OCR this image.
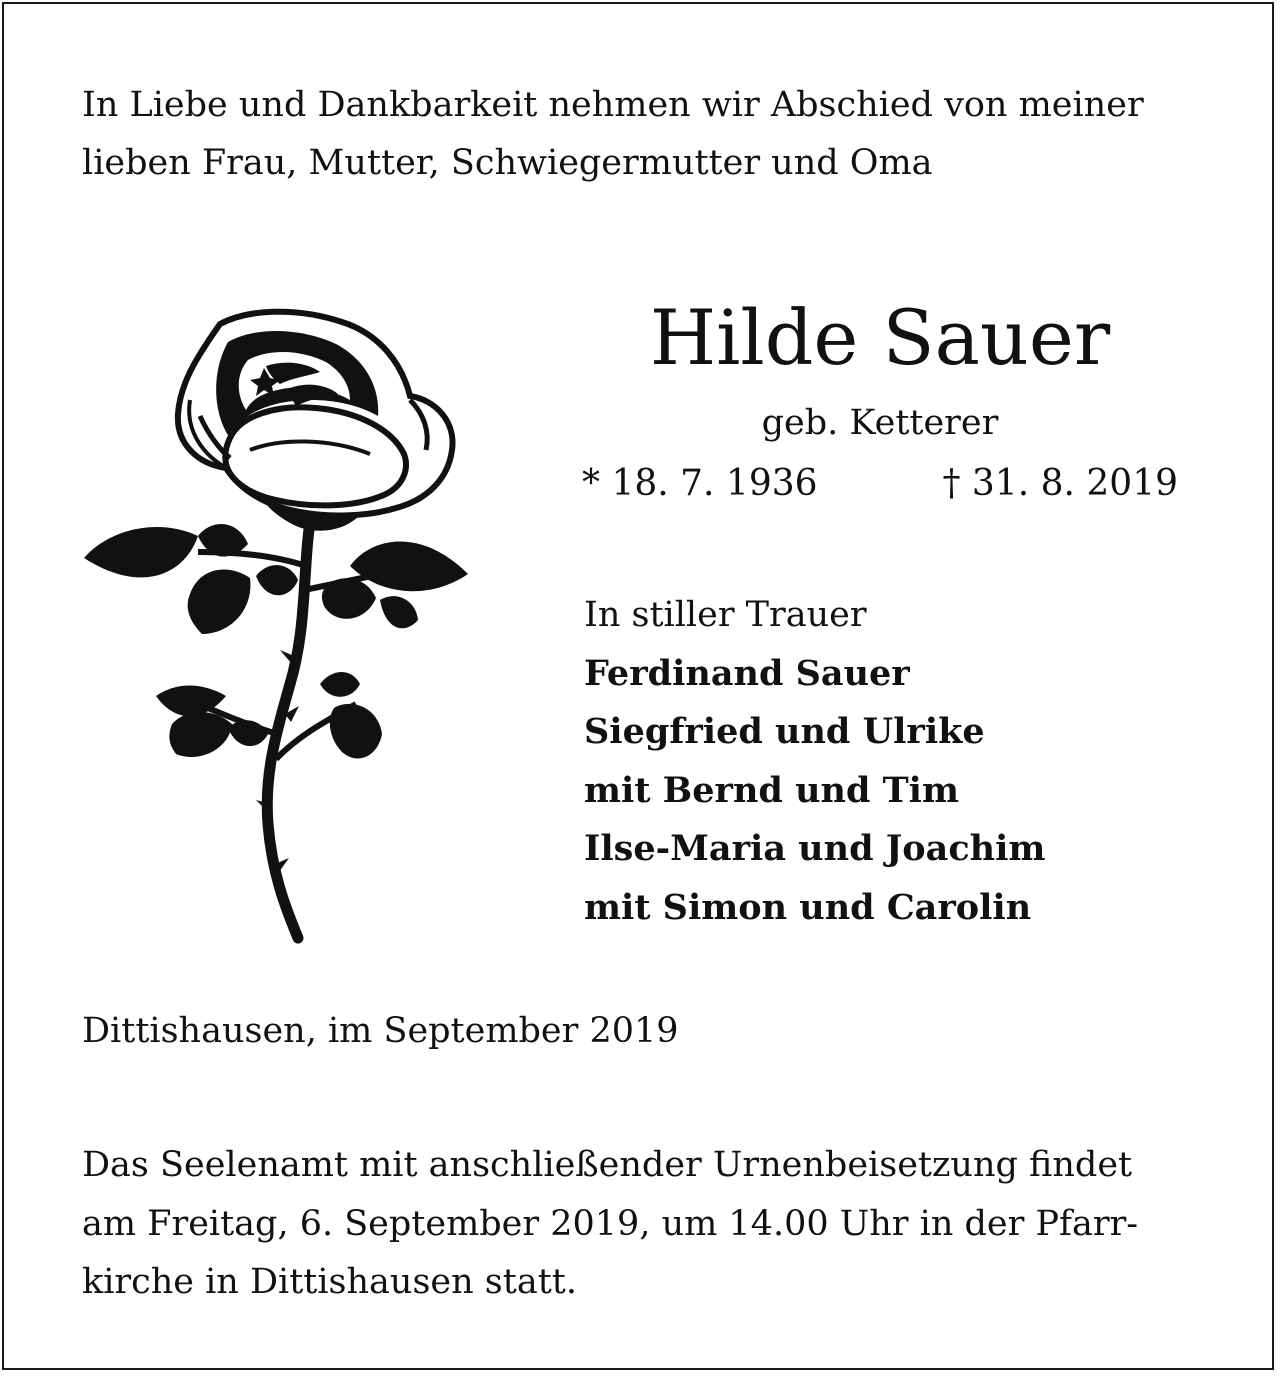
In Liebe und Dankbarkeit nehmen wir Abschied von meiner
lieben Frau, Mutter, Schwiegermutter und Oma

Hilde Sauer
geb. Ketterer
* 18. 7. 1936	† 31. 8. 2019
In stiller Trauer
Ferdinand Sauer
Siegfried und Ulrike
mit Bernd und Tim
Ilse-Maria und Joachim
mit Simon und Carolin
Dittishausen, im September 2019
Das Seelenamt mit anschließender Urnenbeisetzung findet
am Freitag, 6. September 2019, um 14.00 Uhr in der Pfarr-
kirche in Dittishausen statt.
